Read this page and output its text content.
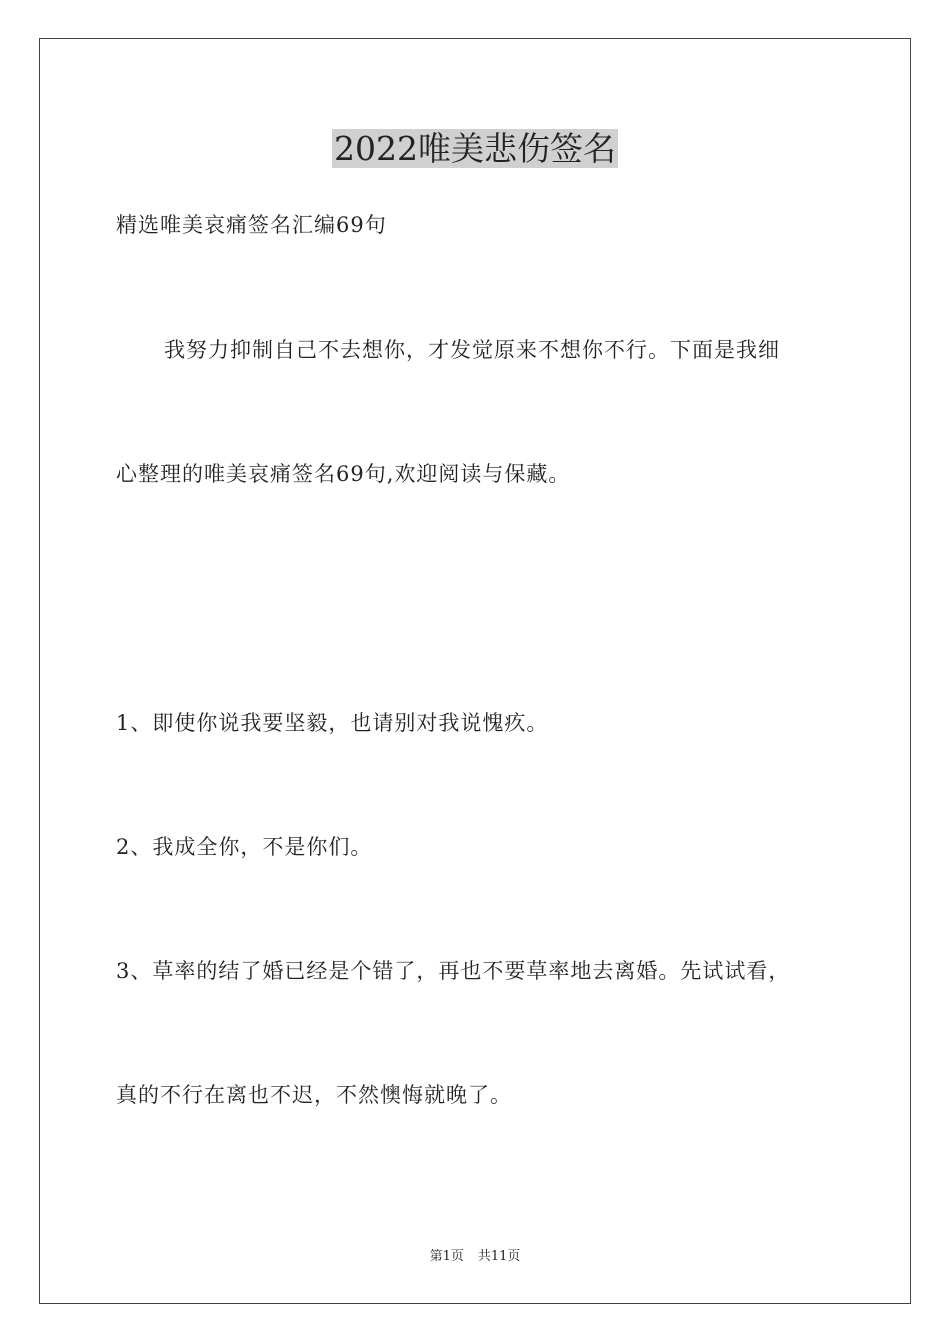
2022唯美悲伤签名
精选唯美哀痛签名汇编69句
我努力抑制自己不去想你，才发觉原来不想你不行。下面是我细
心整理的唯美哀痛签名69句,欢迎阅读与保藏。
1、即使你说我要坚毅，也请别对我说愧疚。
2、我成全你，不是你们。
3、草率的结了婚已经是个错了，再也不要草率地去离婚。先试试看，
真的不行在离也不迟，不然懊悔就晚了。
第1页 共11页
